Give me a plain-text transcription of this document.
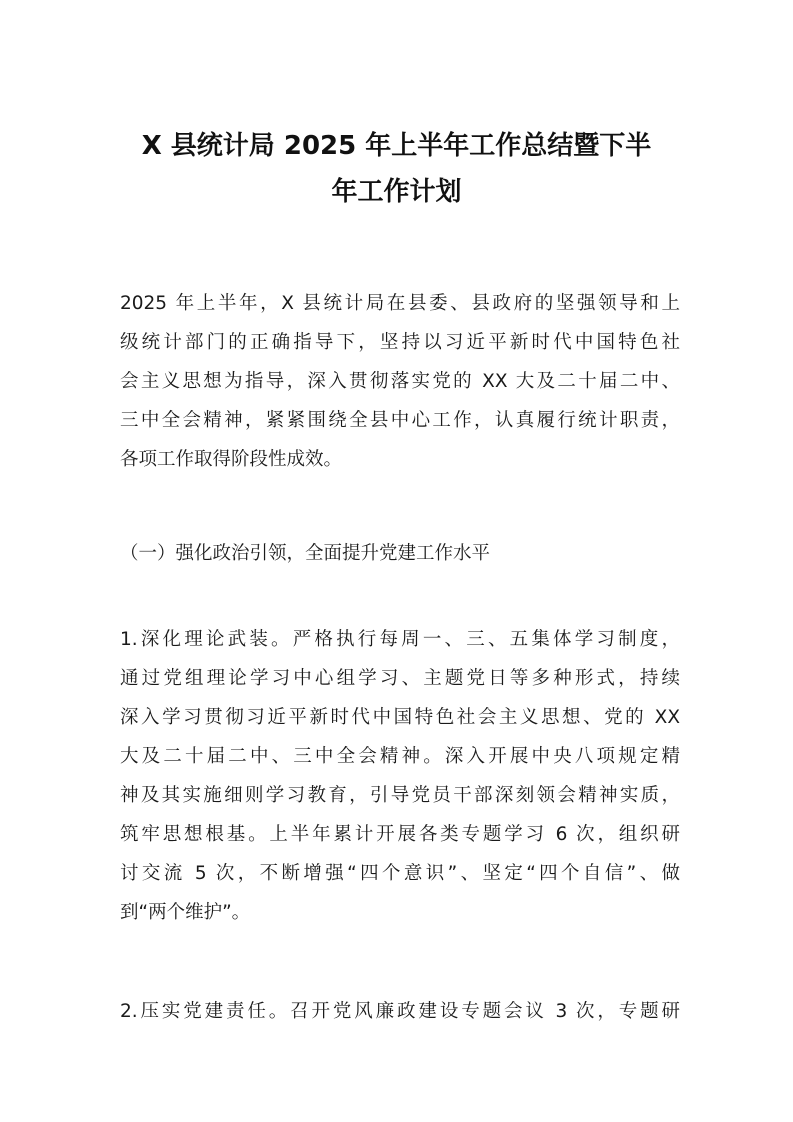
X 县统计局 2025 年上半年工作总结暨下半
年工作计划
2025 年上半年，X 县统计局在县委、县政府的坚强领导和上
级统计部门的正确指导下，坚持以习近平新时代中国特色社
会主义思想为指导，深入贯彻落实党的 XX 大及二十届二中、
三中全会精神，紧紧围绕全县中心工作，认真履行统计职责，
各项工作取得阶段性成效。
（一）强化政治引领，全面提升党建工作水平
1.深化理论武装。严格执行每周一、三、五集体学习制度，
通过党组理论学习中心组学习、主题党日等多种形式，持续
深入学习贯彻习近平新时代中国特色社会主义思想、党的 XX
大及二十届二中、三中全会精神。深入开展中央八项规定精
神及其实施细则学习教育，引导党员干部深刻领会精神实质，
筑牢思想根基。上半年累计开展各类专题学习 6 次，组织研
讨交流 5 次，不断增强“四个意识”、坚定“四个自信”、做
到“两个维护”。
2.压实党建责任。召开党风廉政建设专题会议 3 次，专题研
